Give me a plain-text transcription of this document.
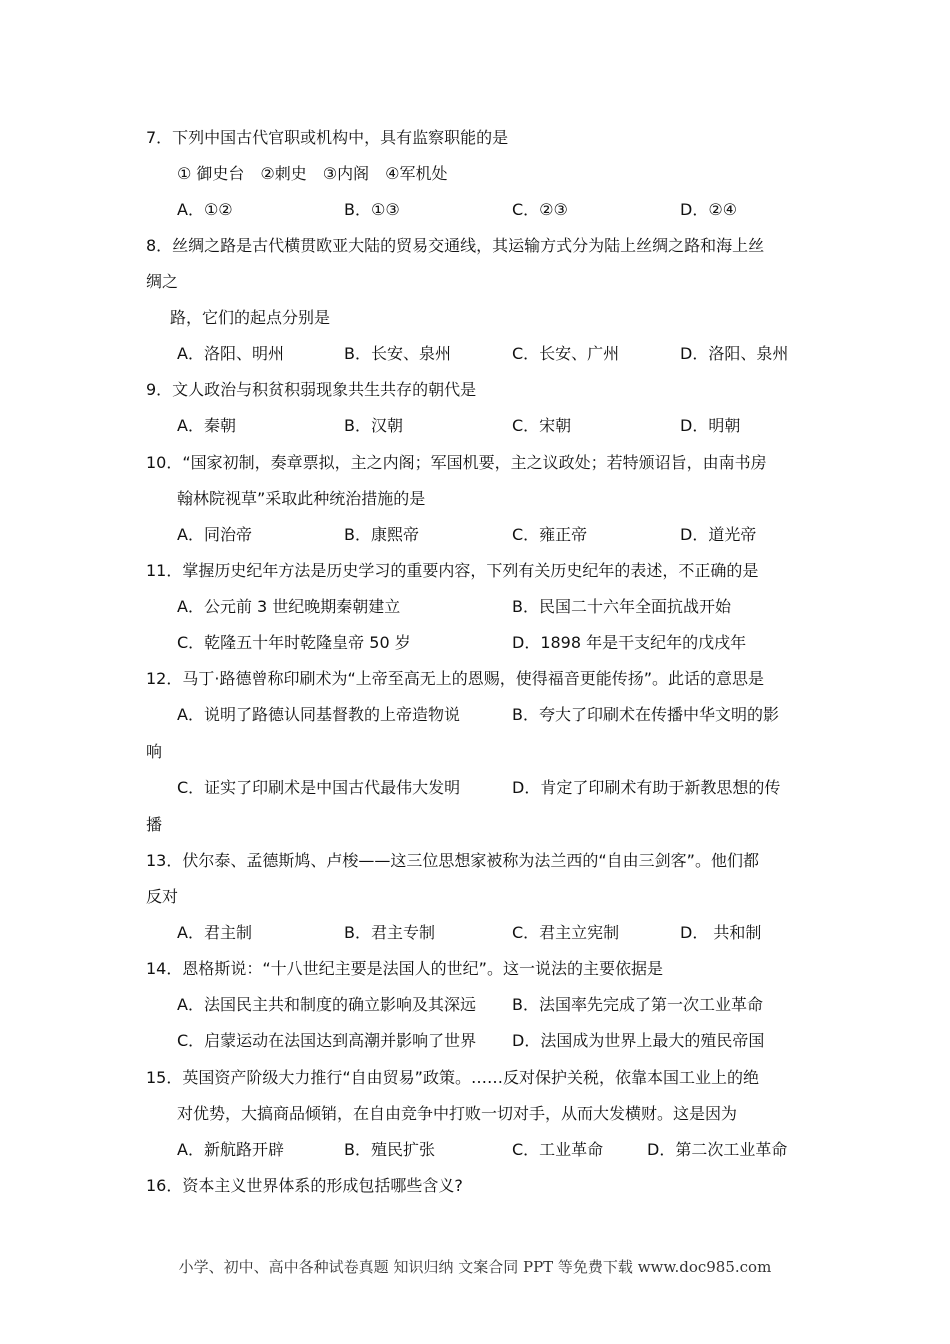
7．下列中国古代官职或机构中，具有监察职能的是
① 御史台　②刺史　③内阁　④军机处
A．①②	B．①③	C．②③	D．②④
8．丝绸之路是古代横贯欧亚大陆的贸易交通线，其运输方式分为陆上丝绸之路和海上丝
绸之
路，它们的起点分别是
A．洛阳、明州	B．长安、泉州	C．长安、广州	D．洛阳、泉州
9．文人政治与积贫积弱现象共生共存的朝代是
A．秦朝	B．汉朝	C．宋朝	D．明朝
10．“国家初制，奏章票拟，主之内阁；军国机要，主之议政处；若特颁诏旨，由南书房
翰林院视草”采取此种统治措施的是
A．同治帝	B．康熙帝	C．雍正帝	D．道光帝
11．掌握历史纪年方法是历史学习的重要内容，下列有关历史纪年的表述，不正确的是
A．公元前 3 世纪晚期秦朝建立	B．民国二十六年全面抗战开始
C．乾隆五十年时乾隆皇帝 50 岁	D．1898 年是干支纪年的戊戌年
12．马丁·路德曾称印刷术为“上帝至高无上的恩赐，使得福音更能传扬”。此话的意思是
A．说明了路德认同基督教的上帝造物说	B．夸大了印刷术在传播中华文明的影
响
C．证实了印刷术是中国古代最伟大发明	D．肯定了印刷术有助于新教思想的传
播
13．伏尔泰、孟德斯鸠、卢梭——这三位思想家被称为法兰西的“自由三剑客”。他们都
反对
A．君主制	B．君主专制	C．君主立宪制	D． 共和制
14．恩格斯说：“十八世纪主要是法国人的世纪”。这一说法的主要依据是
A．法国民主共和制度的确立影响及其深远 B．法国率先完成了第一次工业革命
C．启蒙运动在法国达到高潮并影响了世界 D．法国成为世界上最大的殖民帝国
15．英国资产阶级大力推行“自由贸易”政策。……反对保护关税，依靠本国工业上的绝
对优势，大搞商品倾销，在自由竞争中打败一切对手，从而大发横财。这是因为
A．新航路开辟	B．殖民扩张	C．工业革命	D．第二次工业革命
16．资本主义世界体系的形成包括哪些含义?
小学、初中、高中各种试卷真题 知识归纳 文案合同 PPT 等免费下载 www.doc985.com
